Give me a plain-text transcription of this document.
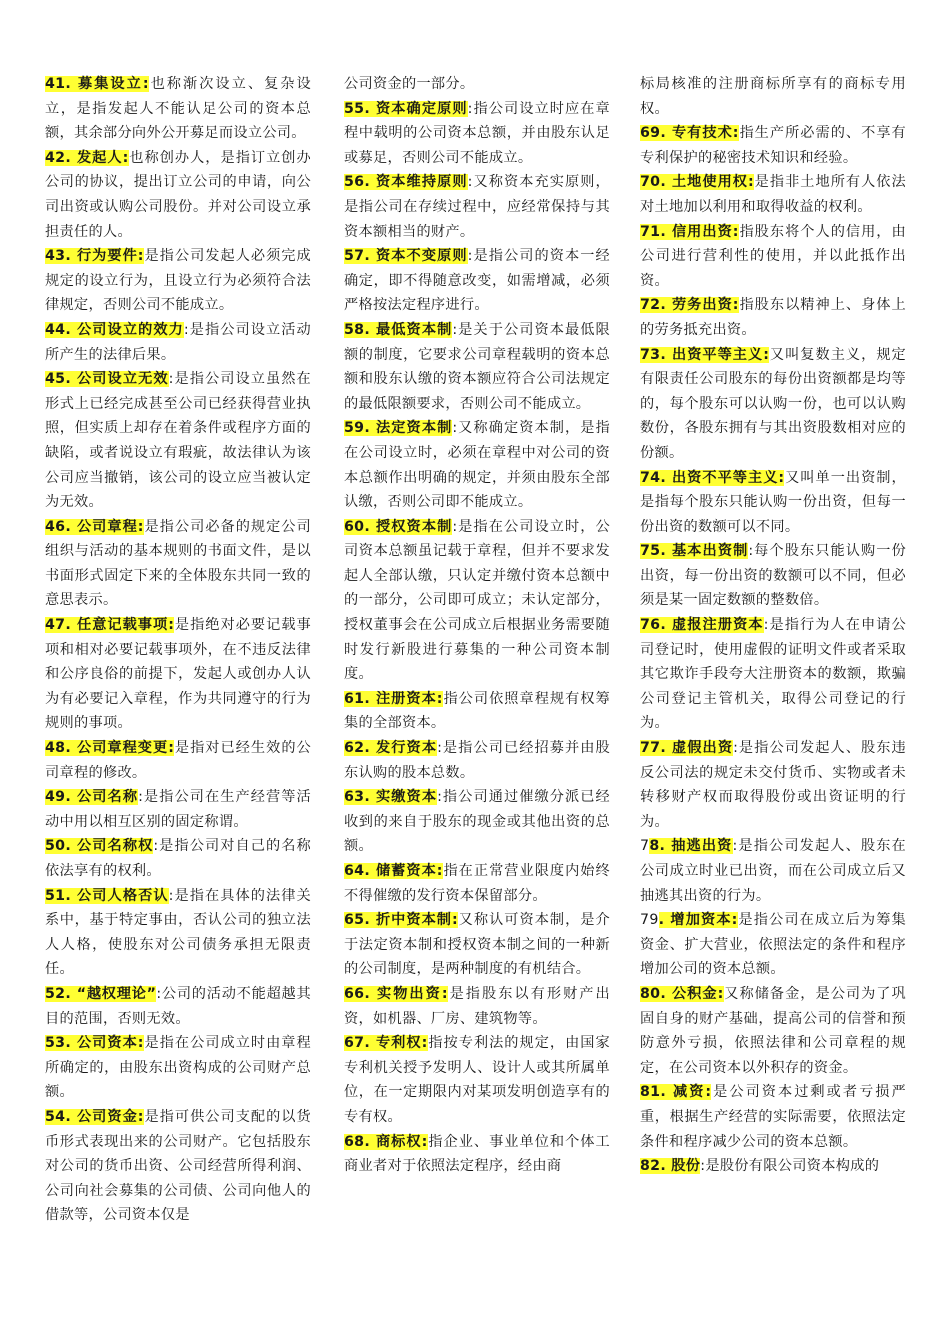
41. 募集设立:也称渐次设立、复杂设立，是指发起人不能认足公司的资本总额，其余部分向外公开募足而设立公司。

42. 发起人:也称创办人，是指订立创办公司的协议，提出订立公司的申请，向公司出资或认购公司股份。并对公司设立承担责任的人。

43. 行为要件:是指公司发起人必须完成规定的设立行为，且设立行为必须符合法律规定，否则公司不能成立。

44. 公司设立的效力:是指公司设立活动所产生的法律后果。

45. 公司设立无效:是指公司设立虽然在形式上已经完成甚至公司已经获得营业执照，但实质上却存在着条件或程序方面的缺陷，或者说设立有瑕疵，故法律认为该公司应当撤销，该公司的设立应当被认定为无效。

46. 公司章程:是指公司必备的规定公司组织与活动的基本规则的书面文件，是以书面形式固定下来的全体股东共同一致的意思表示。

47. 任意记载事项:是指绝对必要记载事项和相对必要记载事项外，在不违反法律和公序良俗的前提下，发起人或创办人认为有必要记入章程，作为共同遵守的行为规则的事项。

48. 公司章程变更:是指对已经生效的公司章程的修改。

49. 公司名称:是指公司在生产经营等活动中用以相互区别的固定称谓。

50. 公司名称权:是指公司对自己的名称依法享有的权利。

51. 公司人格否认:是指在具体的法律关系中，基于特定事由，否认公司的独立法人人格，使股东对公司债务承担无限责任。

52. “越权理论”:公司的活动不能超越其目的范围，否则无效。

53. 公司资本:是指在公司成立时由章程所确定的，由股东出资构成的公司财产总额。

54. 公司资金:是指可供公司支配的以货币形式表现出来的公司财产。它包括股东对公司的货币出资、公司经营所得利润、公司向社会募集的公司债、公司向他人的借款等，公司资本仅是

公司资金的一部分。

55. 资本确定原则:指公司设立时应在章程中载明的公司资本总额，并由股东认足或募足，否则公司不能成立。

56. 资本维持原则:又称资本充实原则，是指公司在存续过程中，应经常保持与其资本额相当的财产。

57. 资本不变原则:是指公司的资本一经确定，即不得随意改变，如需增减，必须严格按法定程序进行。

58. 最低资本制:是关于公司资本最低限额的制度，它要求公司章程载明的资本总额和股东认缴的资本额应符合公司法规定的最低限额要求，否则公司不能成立。

59. 法定资本制:又称确定资本制，是指在公司设立时，必须在章程中对公司的资本总额作出明确的规定，并须由股东全部认缴，否则公司即不能成立。

60. 授权资本制:是指在公司设立时，公司资本总额虽记载于章程，但并不要求发起人全部认缴，只认定并缴付资本总额中的一部分，公司即可成立；未认定部分，授权董事会在公司成立后根据业务需要随时发行新股进行募集的一种公司资本制度。

61. 注册资本:指公司依照章程规有权筹集的全部资本。

62. 发行资本:是指公司已经招募并由股东认购的股本总数。

63. 实缴资本:指公司通过催缴分派已经收到的来自于股东的现金或其他出资的总额。

64. 储蓄资本:指在正常营业限度内始终不得催缴的发行资本保留部分。

65. 折中资本制:又称认可资本制，是介于法定资本制和授权资本制之间的一种新的公司制度，是两种制度的有机结合。

66. 实物出资:是指股东以有形财产出资，如机器、厂房、建筑物等。

67. 专利权:指按专利法的规定，由国家专利机关授予发明人、设计人或其所属单位，在一定期限内对某项发明创造享有的专有权。

68. 商标权:指企业、事业单位和个体工商业者对于依照法定程序，经由商

标局核准的注册商标所享有的商标专用权。

69. 专有技术:指生产所必需的、不享有专利保护的秘密技术知识和经验。

70. 土地使用权:是指非土地所有人依法对土地加以利用和取得收益的权利。

71. 信用出资:指股东将个人的信用，由公司进行营利性的使用，并以此抵作出资。

72. 劳务出资:指股东以精神上、身体上的劳务抵充出资。

73. 出资平等主义:又叫复数主义，规定有限责任公司股东的每份出资额都是均等的，每个股东可以认购一份，也可以认购数份，各股东拥有与其出资股数相对应的份额。

74. 出资不平等主义:又叫单一出资制，是指每个股东只能认购一份出资，但每一份出资的数额可以不同。

75. 基本出资制:每个股东只能认购一份出资，每一份出资的数额可以不同，但必须是某一固定数额的整数倍。

76. 虚报注册资本:是指行为人在申请公司登记时，使用虚假的证明文件或者采取其它欺诈手段夸大注册资本的数额，欺骗公司登记主管机关，取得公司登记的行为。

77. 虚假出资:是指公司发起人、股东违反公司法的规定未交付货币、实物或者未转移财产权而取得股份或出资证明的行为。

78. 抽逃出资:是指公司发起人、股东在公司成立时业已出资，而在公司成立后又抽逃其出资的行为。

79. 增加资本:是指公司在成立后为筹集资金、扩大营业，依照法定的条件和程序增加公司的资本总额。

80. 公积金:又称储备金，是公司为了巩固自身的财产基础，提高公司的信誉和预防意外亏损，依照法律和公司章程的规定，在公司资本以外积存的资金。

81. 减资:是公司资本过剩或者亏损严重，根据生产经营的实际需要，依照法定条件和程序减少公司的资本总额。

82. 股份:是股份有限公司资本构成的
